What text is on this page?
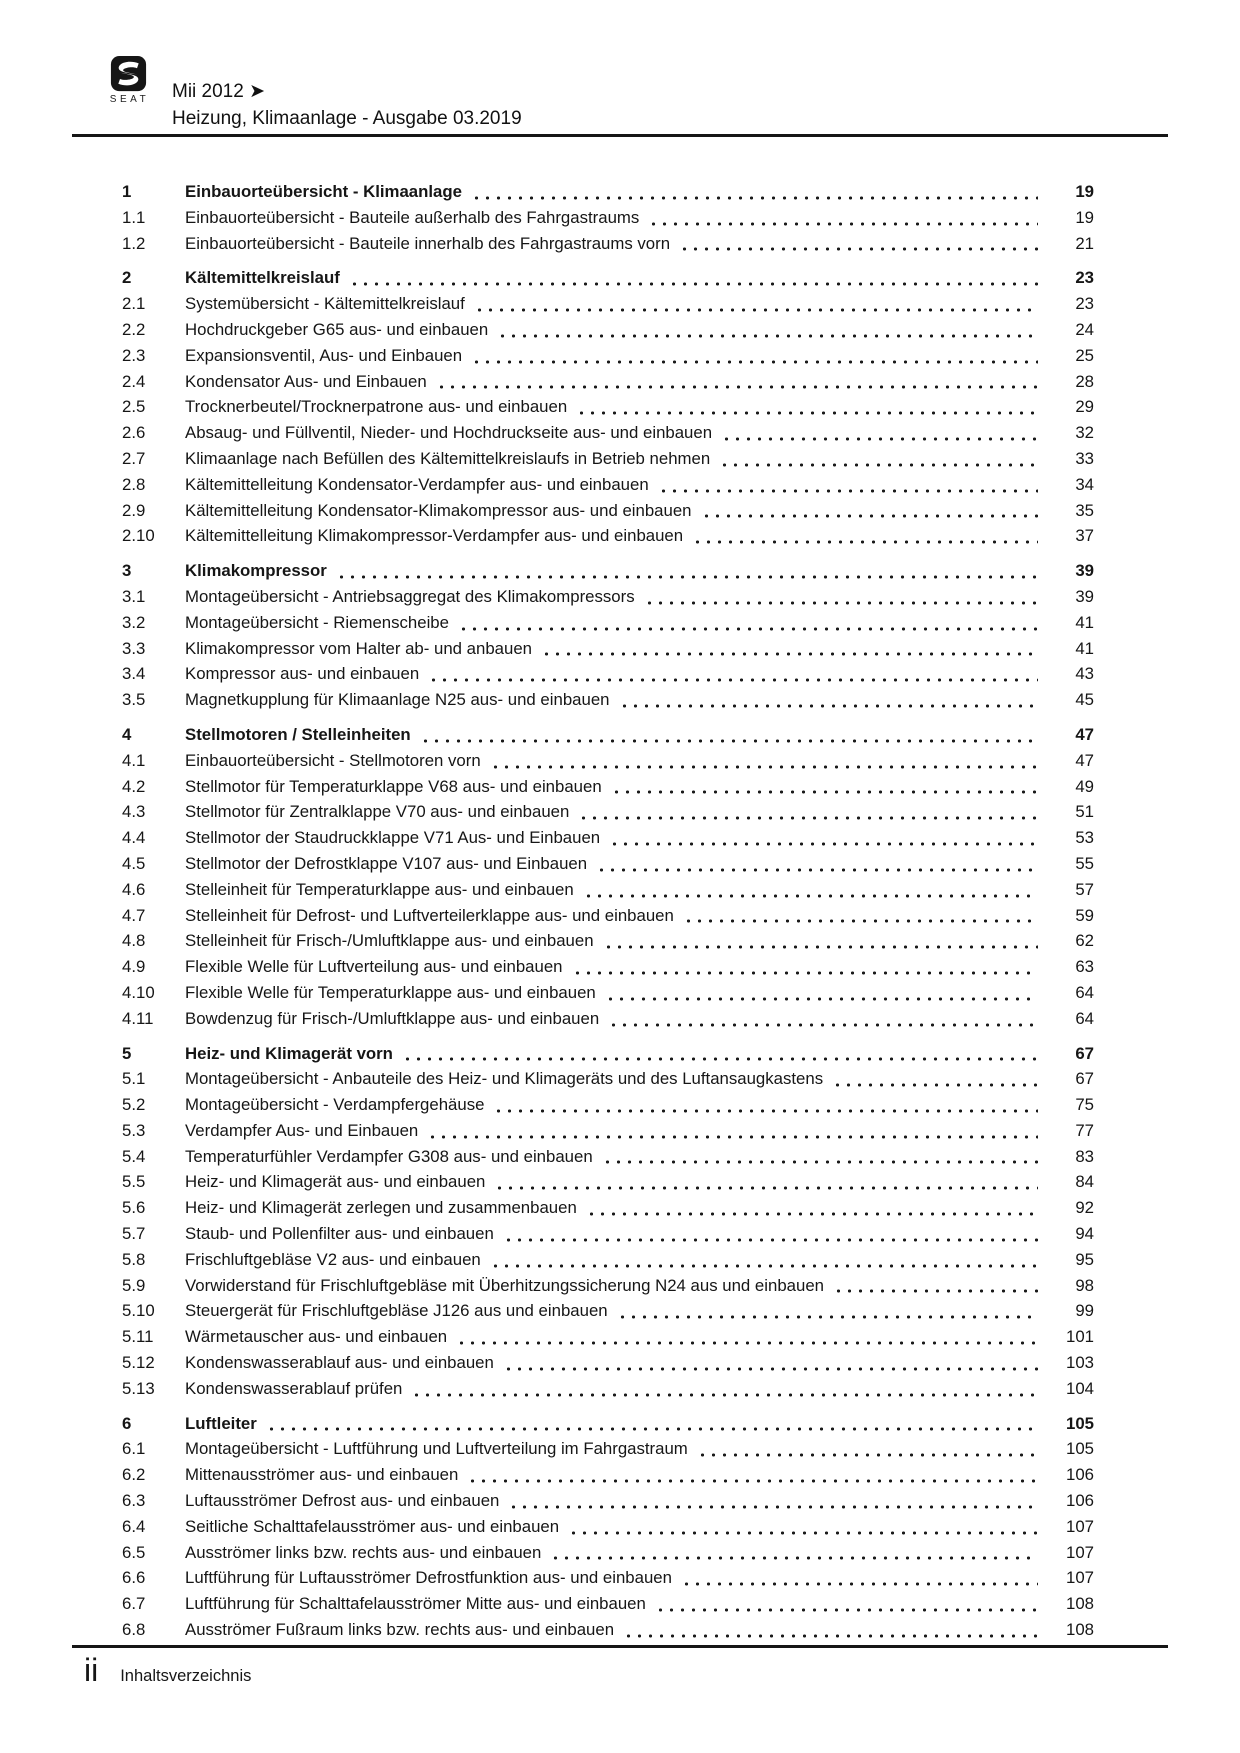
SEAT Mii 2012 ➤
Heizung, Klimaanlage - Ausgabe 03.2019
1	Einbauorteübersicht - Klimaanlage	19
1.1	Einbauorteübersicht - Bauteile außerhalb des Fahrgastraums	19
1.2	Einbauorteübersicht - Bauteile innerhalb des Fahrgastraums vorn	21
2	Kältemittelkreislauf	23
2.1	Systemübersicht - Kältemittelkreislauf	23
2.2	Hochdruckgeber G65 aus- und einbauen	24
2.3	Expansionsventil, Aus- und Einbauen	25
2.4	Kondensator Aus- und Einbauen	28
2.5	Trocknerbeutel/Trocknerpatrone aus- und einbauen	29
2.6	Absaug- und Füllventil, Nieder- und Hochdruckseite aus- und einbauen	32
2.7	Klimaanlage nach Befüllen des Kältemittelkreislaufs in Betrieb nehmen	33
2.8	Kältemittelleitung Kondensator-Verdampfer aus- und einbauen	34
2.9	Kältemittelleitung Kondensator-Klimakompressor aus- und einbauen	35
2.10	Kältemittelleitung Klimakompressor-Verdampfer aus- und einbauen	37
3	Klimakompressor	39
3.1	Montageübersicht - Antriebsaggregat des Klimakompressors	39
3.2	Montageübersicht - Riemenscheibe	41
3.3	Klimakompressor vom Halter ab- und anbauen	41
3.4	Kompressor aus- und einbauen	43
3.5	Magnetkupplung für Klimaanlage N25 aus- und einbauen	45
4	Stellmotoren / Stelleinheiten	47
4.1	Einbauorteübersicht - Stellmotoren vorn	47
4.2	Stellmotor für Temperaturklappe V68 aus- und einbauen	49
4.3	Stellmotor für Zentralklappe V70 aus- und einbauen	51
4.4	Stellmotor der Staudruckklappe V71 Aus- und Einbauen	53
4.5	Stellmotor der Defrostklappe V107 aus- und Einbauen	55
4.6	Stelleinheit für Temperaturklappe aus- und einbauen	57
4.7	Stelleinheit für Defrost- und Luftverteilerklappe aus- und einbauen	59
4.8	Stelleinheit für Frisch-/Umluftklappe aus- und einbauen	62
4.9	Flexible Welle für Luftverteilung aus- und einbauen	63
4.10	Flexible Welle für Temperaturklappe aus- und einbauen	64
4.11	Bowdenzug für Frisch-/Umluftklappe aus- und einbauen	64
5	Heiz- und Klimagerät vorn	67
5.1	Montageübersicht - Anbauteile des Heiz- und Klimageräts und des Luftansaugkastens	67
5.2	Montageübersicht - Verdampfergehäuse	75
5.3	Verdampfer Aus- und Einbauen	77
5.4	Temperaturfühler Verdampfer G308 aus- und einbauen	83
5.5	Heiz- und Klimagerät aus- und einbauen	84
5.6	Heiz- und Klimagerät zerlegen und zusammenbauen	92
5.7	Staub- und Pollenfilter aus- und einbauen	94
5.8	Frischluftgebläse V2 aus- und einbauen	95
5.9	Vorwiderstand für Frischluftgebläse mit Überhitzungssicherung N24 aus und einbauen	98
5.10	Steuergerät für Frischluftgebläse J126 aus und einbauen	99
5.11	Wärmetauscher aus- und einbauen	101
5.12	Kondenswasserablauf aus- und einbauen	103
5.13	Kondenswasserablauf prüfen	104
6	Luftleiter	105
6.1	Montageübersicht - Luftführung und Luftverteilung im Fahrgastraum	105
6.2	Mittenausströmer aus- und einbauen	106
6.3	Luftausströmer Defrost aus- und einbauen	106
6.4	Seitliche Schalttafelausströmer aus- und einbauen	107
6.5	Ausströmer links bzw. rechts aus- und einbauen	107
6.6	Luftführung für Luftausströmer Defrostfunktion aus- und einbauen	107
6.7	Luftführung für Schalttafelausströmer Mitte aus- und einbauen	108
6.8	Ausströmer Fußraum links bzw. rechts aus- und einbauen	108
ii Inhaltsverzeichnis
